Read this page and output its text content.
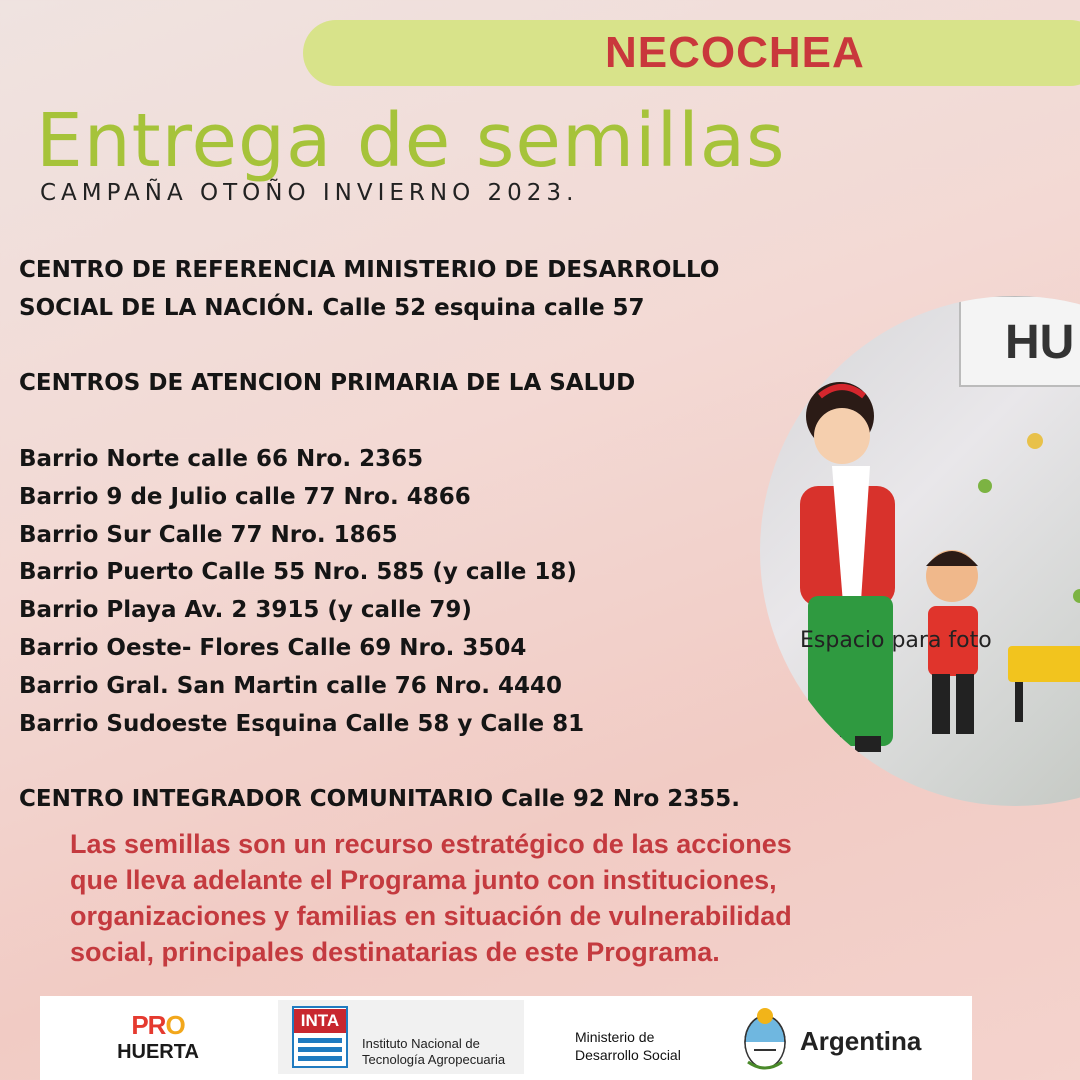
NECOCHEA
Entrega de semillas
CAMPAÑA OTOÑO INVIERNO 2023.
CENTRO DE REFERENCIA MINISTERIO DE DESARROLLO
SOCIAL DE LA NACIÓN. Calle 52 esquina calle 57
CENTROS DE ATENCION PRIMARIA DE LA SALUD
Barrio Norte calle 66 Nro. 2365
Barrio 9 de Julio calle 77 Nro. 4866
Barrio Sur Calle 77 Nro. 1865
Barrio Puerto Calle 55 Nro. 585 (y calle 18)
Barrio Playa Av. 2 3915 (y calle 79)
Barrio Oeste- Flores Calle 69 Nro. 3504
Barrio Gral. San Martin calle 76 Nro. 4440
Barrio Sudoeste Esquina Calle 58 y Calle 81
CENTRO INTEGRADOR COMUNITARIO Calle 92 Nro 2355.
HU
Espacio para foto
Las semillas son un recurso estratégico de las acciones
que lleva adelante el Programa junto con instituciones,
organizaciones y familias en situación de vulnerabilidad
social, principales destinatarias de este Programa.
PRO
HUERTA
INTA
Instituto Nacional de
Tecnología Agropecuaria
Ministerio de
Desarrollo Social	Argentina
